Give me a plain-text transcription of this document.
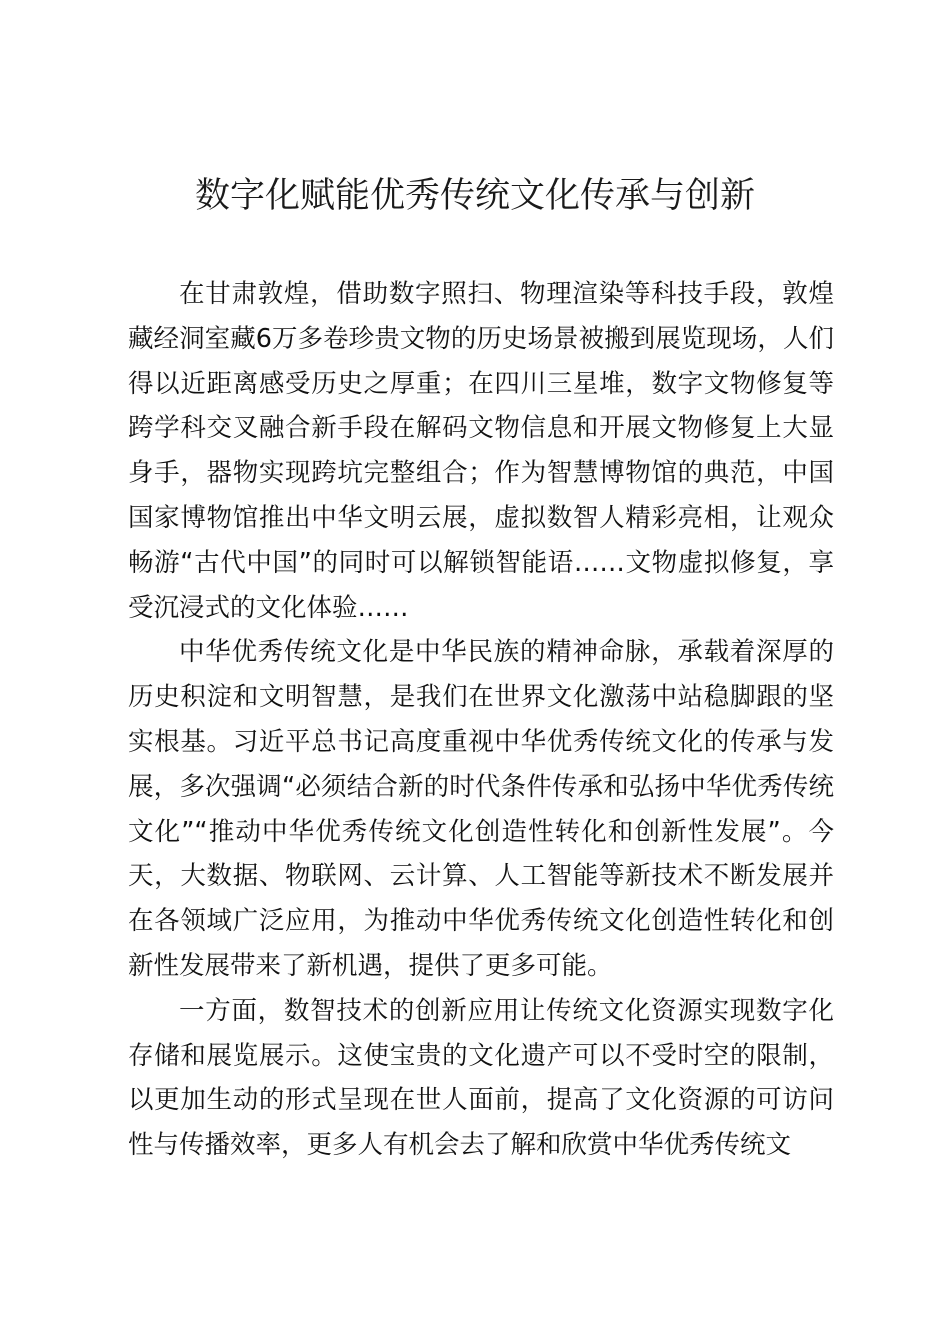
数字化赋能优秀传统文化传承与创新

在甘肃敦煌，借助数字照扫、物理渲染等科技手段，敦煌藏经洞室藏6万多卷珍贵文物的历史场景被搬到展览现场，人们得以近距离感受历史之厚重；在四川三星堆，数字文物修复等跨学科交叉融合新手段在解码文物信息和开展文物修复上大显身手，器物实现跨坑完整组合；作为智慧博物馆的典范，中国国家博物馆推出中华文明云展，虚拟数智人精彩亮相，让观众畅游“古代中国”的同时可以解锁智能语……文物虚拟修复，享受沉浸式的文化体验……

中华优秀传统文化是中华民族的精神命脉，承载着深厚的历史积淀和文明智慧，是我们在世界文化激荡中站稳脚跟的坚实根基。习近平总书记高度重视中华优秀传统文化的传承与发展，多次强调“必须结合新的时代条件传承和弘扬中华优秀传统文化”“推动中华优秀传统文化创造性转化和创新性发展”。今天，大数据、物联网、云计算、人工智能等新技术不断发展并在各领域广泛应用，为推动中华优秀传统文化创造性转化和创新性发展带来了新机遇，提供了更多可能。

一方面，数智技术的创新应用让传统文化资源实现数字化存储和展览展示。这使宝贵的文化遗产可以不受时空的限制，以更加生动的形式呈现在世人面前，提高了文化资源的可访问性与传播效率，更多人有机会去了解和欣赏中华优秀传统文
